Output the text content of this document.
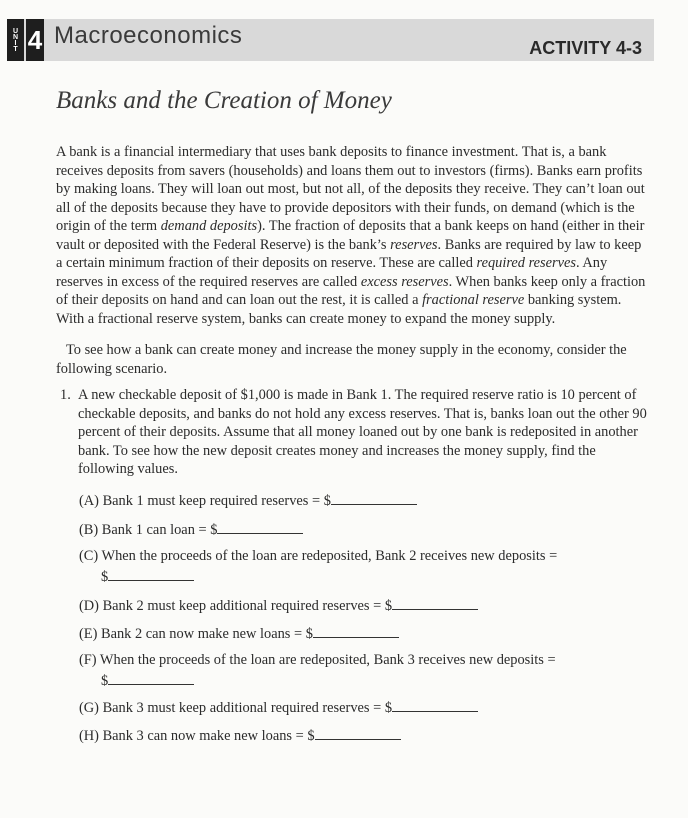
UNIT 4 Macroeconomics	ACTIVITY 4-3
Banks and the Creation of Money
A bank is a financial intermediary that uses bank deposits to finance investment. That is, a bank receives deposits from savers (households) and loans them out to investors (firms). Banks earn profits by making loans. They will loan out most, but not all, of the deposits they receive. They can’t loan out all of the deposits because they have to provide depositors with their funds, on demand (which is the origin of the term demand deposits). The fraction of deposits that a bank keeps on hand (either in their vault or deposited with the Federal Reserve) is the bank’s reserves. Banks are required by law to keep a certain minimum fraction of their deposits on reserve. These are called required reserves. Any reserves in excess of the required reserves are called excess reserves. When banks keep only a fraction of their deposits on hand and can loan out the rest, it is called a fractional reserve banking system. With a fractional reserve system, banks can create money to expand the money supply.
To see how a bank can create money and increase the money supply in the economy, consider the following scenario.
1. A new checkable deposit of $1,000 is made in Bank 1. The required reserve ratio is 10 percent of checkable deposits, and banks do not hold any excess reserves. That is, banks loan out the other 90 percent of their deposits. Assume that all money loaned out by one bank is redeposited in another bank. To see how the new deposit creates money and increases the money supply, find the following values.
(A) Bank 1 must keep required reserves = $
(B) Bank 1 can loan = $
(C) When the proceeds of the loan are redeposited, Bank 2 receives new deposits =
$
(D) Bank 2 must keep additional required reserves = $
(E) Bank 2 can now make new loans = $
(F) When the proceeds of the loan are redeposited, Bank 3 receives new deposits =
$
(G) Bank 3 must keep additional required reserves = $
(H) Bank 3 can now make new loans = $
